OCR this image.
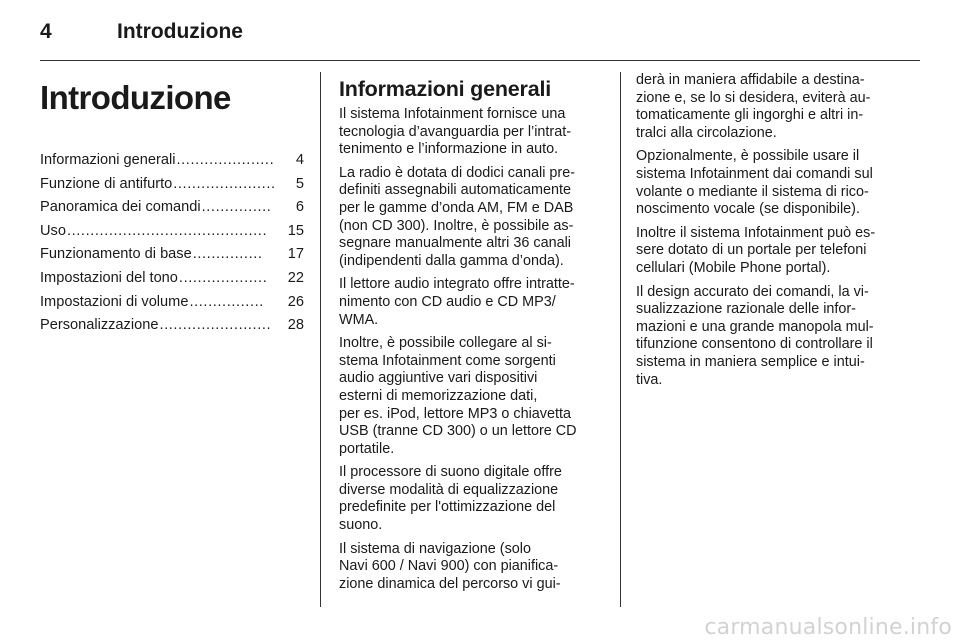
4	Introduzione
Introduzione
Informazioni generali .....................	4
Funzione di antifurto ......................	5
Panoramica dei comandi ...............	6
Uso ...........................................	15
Funzionamento di base ...............	17
Impostazioni del tono ...................	22
Impostazioni di volume ................	26
Personalizzazione ........................	28
Informazioni generali

Il sistema Infotainment fornisce una
tecnologia d’avanguardia per l’intrat-
tenimento e l’informazione in auto.

La radio è dotata di dodici canali pre-
definiti assegnabili automaticamente
per le gamme d’onda AM, FM e DAB
(non CD 300). Inoltre, è possibile as-
segnare manualmente altri 36 canali
(indipendenti dalla gamma d’onda).

Il lettore audio integrato offre intratte-
nimento con CD audio e CD MP3/
WMA.

Inoltre, è possibile collegare al si-
stema Infotainment come sorgenti
audio aggiuntive vari dispositivi
esterni di memorizzazione dati,
per es. iPod, lettore MP3 o chiavetta
USB (tranne CD 300) o un lettore CD
portatile.

Il processore di suono digitale offre
diverse modalità di equalizzazione
predefinite per l'ottimizzazione del
suono.

Il sistema di navigazione (solo
Navi 600 / Navi 900) con pianifica-
zione dinamica del percorso vi gui-

derà in maniera affidabile a destina-
zione e, se lo si desidera, eviterà au-
tomaticamente gli ingorghi e altri in-
tralci alla circolazione.

Opzionalmente, è possibile usare il
sistema Infotainment dai comandi sul
volante o mediante il sistema di rico-
noscimento vocale (se disponibile).

Inoltre il sistema Infotainment può es-
sere dotato di un portale per telefoni
cellulari (Mobile Phone portal).

Il design accurato dei comandi, la vi-
sualizzazione razionale delle infor-
mazioni e una grande manopola mul-
tifunzione consentono di controllare il
sistema in maniera semplice e intui-
tiva.

carmanualsonline.info
